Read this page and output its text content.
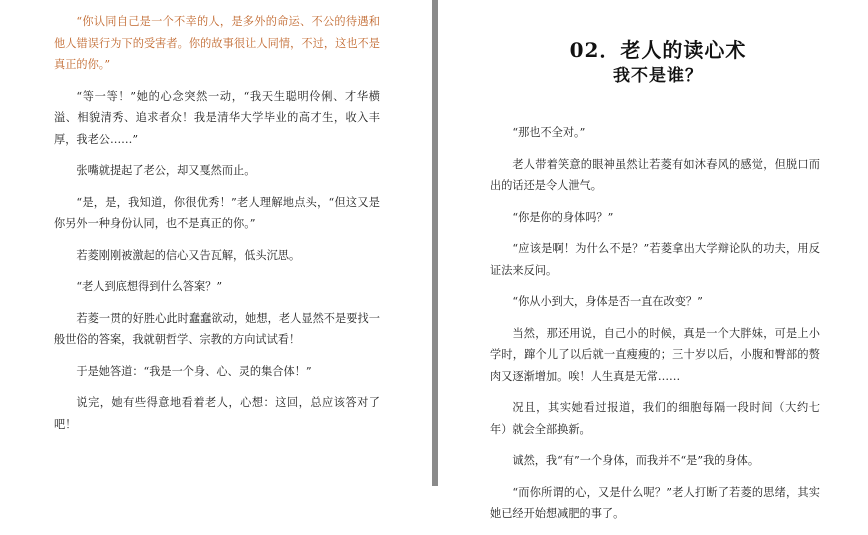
“你认同自己是一个不幸的人，是多外的命运、不公的待遇和他人错误行为下的受害者。你的故事很让人同情，不过，这也不是真正的你。”

“等一等！”她的心念突然一动，“我天生聪明伶俐、才华横溢、相貌清秀、追求者众！我是清华大学毕业的高才生，收入丰厚，我老公……”

张嘴就提起了老公，却又戛然而止。

“是，是，我知道，你很优秀！”老人理解地点头，“但这又是你另外一种身份认同，也不是真正的你。”

若菱刚刚被激起的信心又告瓦解，低头沉思。

“老人到底想得到什么答案？”

若菱一贯的好胜心此时蠢蠢欲动，她想，老人显然不是要找一般世俗的答案，我就朝哲学、宗教的方向试试看！

于是她答道：“我是一个身、心、灵的集合体！”

说完，她有些得意地看着老人，心想：这回，总应该答对了吧！

02．老人的读心术
我不是谁？

“那也不全对。”

老人带着笑意的眼神虽然让若菱有如沐春风的感觉，但脱口而出的话还是令人泄气。

“你是你的身体吗？”

“应该是啊！为什么不是？”若菱拿出大学辩论队的功夫，用反证法来反问。

“你从小到大，身体是否一直在改变？”

当然，那还用说，自己小的时候，真是一个大胖妹，可是上小学时，蹿个儿了以后就一直瘦瘦的；三十岁以后，小腹和臀部的赘肉又逐渐增加。唉！人生真是无常……

况且，其实她看过报道，我们的细胞每隔一段时间（大约七年）就会全部换新。

诚然，我“有”一个身体，而我并不“是”我的身体。

“而你所谓的心，又是什么呢？”老人打断了若菱的思绪，其实她已经开始想减肥的事了。
